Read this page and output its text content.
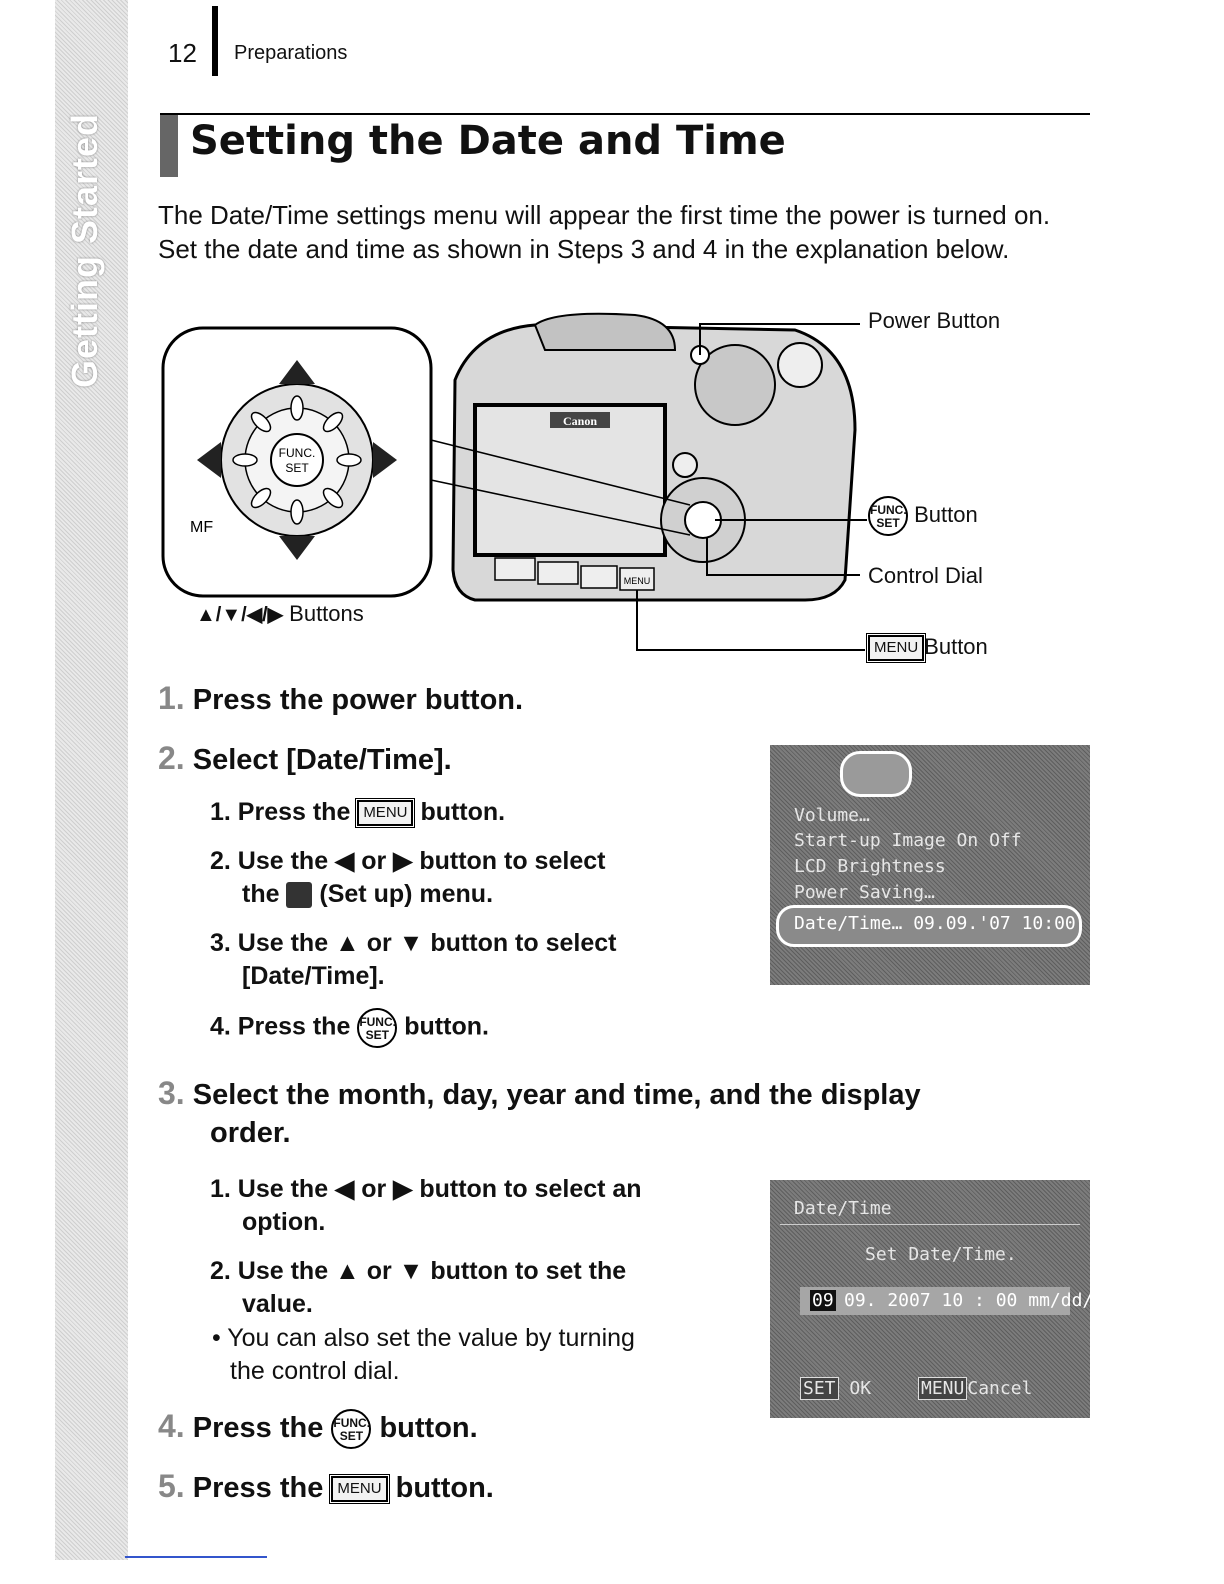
Getting Started
12 Preparations
Setting the Date and Time
The Date/Time settings menu will appear the first time the power is turned on. Set the date and time as shown in Steps 3 and 4 in the explanation below.
FUNC.
SET
MF
Canon
MENU
Power Button
FUNC.
SET Button
Control Dial
MENU Button
▲/▼/◀/▶ Buttons
1. Press the power button.
2. Select [Date/Time].
1. Press the MENU button.
2. Use the ◀ or ▶ button to select
the (Set up) menu.
3. Use the ▲ or ▼ button to select
[Date/Time].
4. Press the FUNC.
SET button.
Volume…
Start-up Image On Off
LCD Brightness
Power Saving…
Date/Time… 09.09.'07 10:00
3. Select the month, day, year and time, and the display
order.
1. Use the ◀ or ▶ button to select an
option.
2. Use the ▲ or ▼ button to set the
value.
• You can also set the value by turning
the control dial.
Date/Time
Set Date/Time.
09 09. 2007 10 : 00 mm/dd/yy
SET OK	MENU Cancel
4. Press the FUNC.
SET button.
5. Press the MENU button.
